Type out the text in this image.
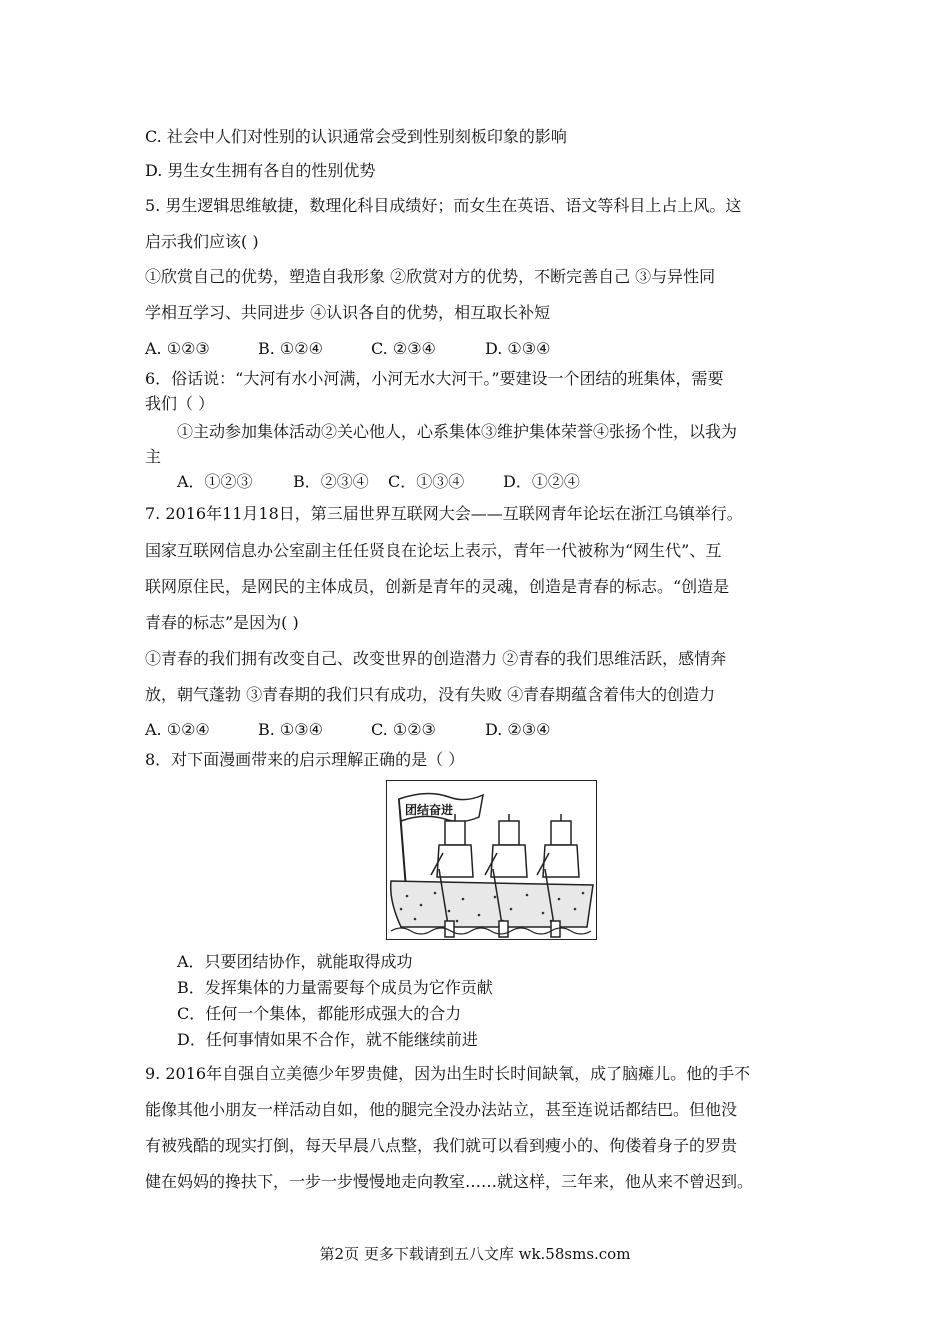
C. 社会中人们对性别的认识通常会受到性别刻板印象的影响
D. 男生女生拥有各自的性别优势
5. 男生逻辑思维敏捷，数理化科目成绩好；而女生在英语、语文等科目上占上风。这
启示我们应该( )
①欣赏自己的优势，塑造自我形象 ②欣赏对方的优势，不断完善自己 ③与异性同
学相互学习、共同进步 ④认识各自的优势，相互取长补短
A. ①②③	B. ①②④	C. ②③④	D. ①③④
6．俗话说：“大河有水小河满，小河无水大河干。”要建设一个团结的班集体，需要
我们（ ）
①主动参加集体活动②关心他人，心系集体③维护集体荣誉④张扬个性，以我为
主
A．①②③	B．②③④ C．①③④ D．①②④
7. 2016年11月18日，第三届世界互联网大会——互联网青年论坛在浙江乌镇举行。
国家互联网信息办公室副主任任贤良在论坛上表示，青年一代被称为“网生代”、互
联网原住民，是网民的主体成员，创新是青年的灵魂，创造是青春的标志。“创造是
青春的标志”是因为( )
①青春的我们拥有改变自己、改变世界的创造潜力 ②青春的我们思维活跃，感情奔
放，朝气蓬勃 ③青春期的我们只有成功，没有失败 ④青春期蕴含着伟大的创造力
A. ①②④	B. ①③④	C. ①②③	D. ②③④
8．对下面漫画带来的启示理解正确的是（ ）
团结奋进
A．只要团结协作，就能取得成功
B．发挥集体的力量需要每个成员为它作贡献
C．任何一个集体，都能形成强大的合力
D．任何事情如果不合作，就不能继续前进
9. 2016年自强自立美德少年罗贵健，因为出生时长时间缺氧，成了脑瘫儿。他的手不
能像其他小朋友一样活动自如，他的腿完全没办法站立，甚至连说话都结巴。但他没
有被残酷的现实打倒，每天早晨八点整，我们就可以看到瘦小的、佝偻着身子的罗贵
健在妈妈的搀扶下，一步一步慢慢地走向教室……就这样，三年来，他从来不曾迟到。
第2页 更多下载请到五八文库 wk.58sms.com
